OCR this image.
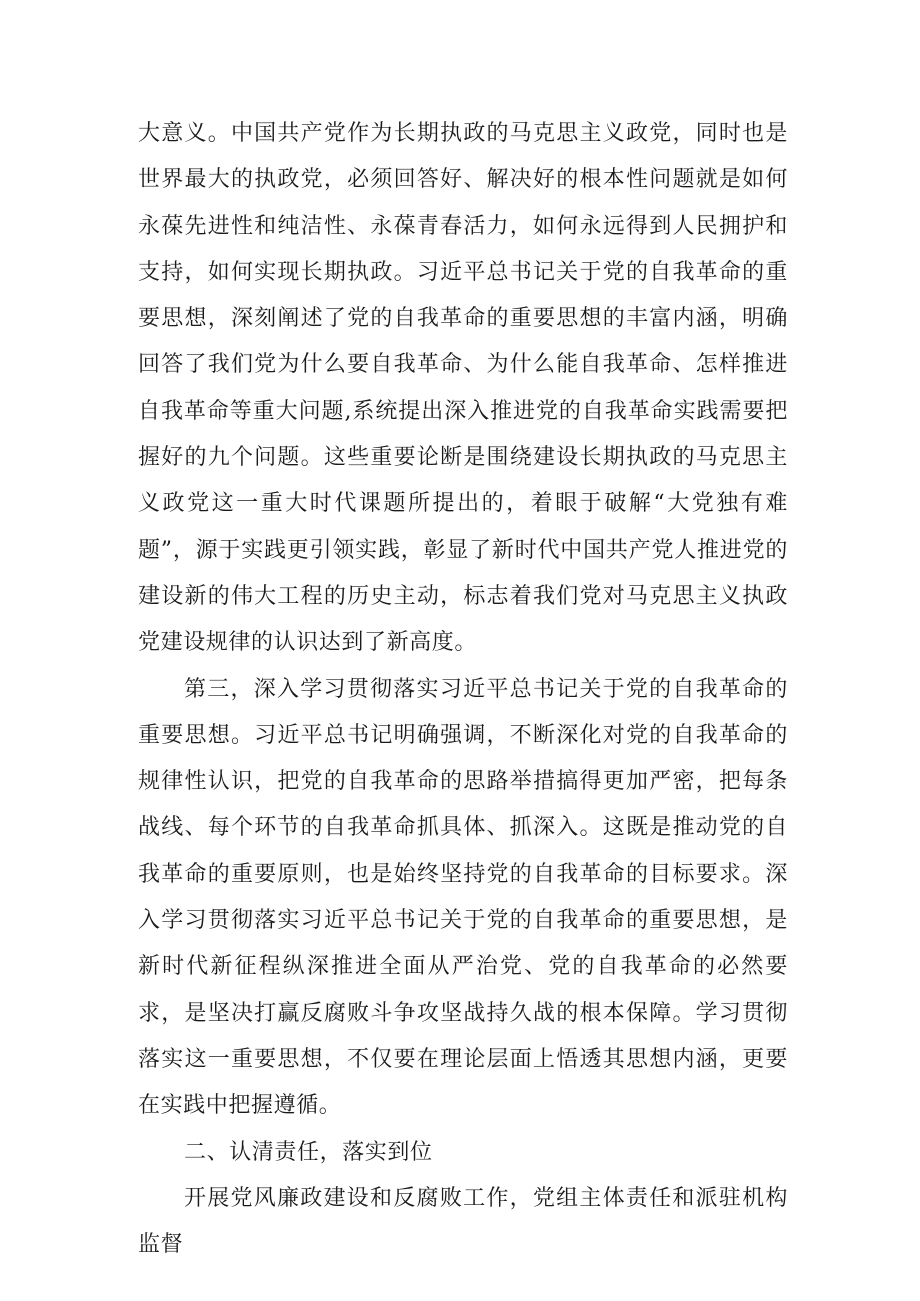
大意义。中国共产党作为长期执政的马克思主义政党，同时也是世界最大的执政党，必须回答好、解决好的根本性问题就是如何永葆先进性和纯洁性、永葆青春活力，如何永远得到人民拥护和支持，如何实现长期执政。习近平总书记关于党的自我革命的重要思想，深刻阐述了党的自我革命的重要思想的丰富内涵，明确回答了我们党为什么要自我革命、为什么能自我革命、怎样推进自我革命等重大问题,系统提出深入推进党的自我革命实践需要把握好的九个问题。这些重要论断是围绕建设长期执政的马克思主义政党这一重大时代课题所提出的，着眼于破解“大党独有难题”，源于实践更引领实践，彰显了新时代中国共产党人推进党的建设新的伟大工程的历史主动，标志着我们党对马克思主义执政党建设规律的认识达到了新高度。

第三，深入学习贯彻落实习近平总书记关于党的自我革命的重要思想。习近平总书记明确强调，不断深化对党的自我革命的规律性认识，把党的自我革命的思路举措搞得更加严密，把每条战线、每个环节的自我革命抓具体、抓深入。这既是推动党的自我革命的重要原则，也是始终坚持党的自我革命的目标要求。深入学习贯彻落实习近平总书记关于党的自我革命的重要思想，是新时代新征程纵深推进全面从严治党、党的自我革命的必然要求，是坚决打赢反腐败斗争攻坚战持久战的根本保障。学习贯彻落实这一重要思想，不仅要在理论层面上悟透其思想内涵，更要在实践中把握遵循。

二、认清责任，落实到位

开展党风廉政建设和反腐败工作，党组主体责任和派驻机构监督
